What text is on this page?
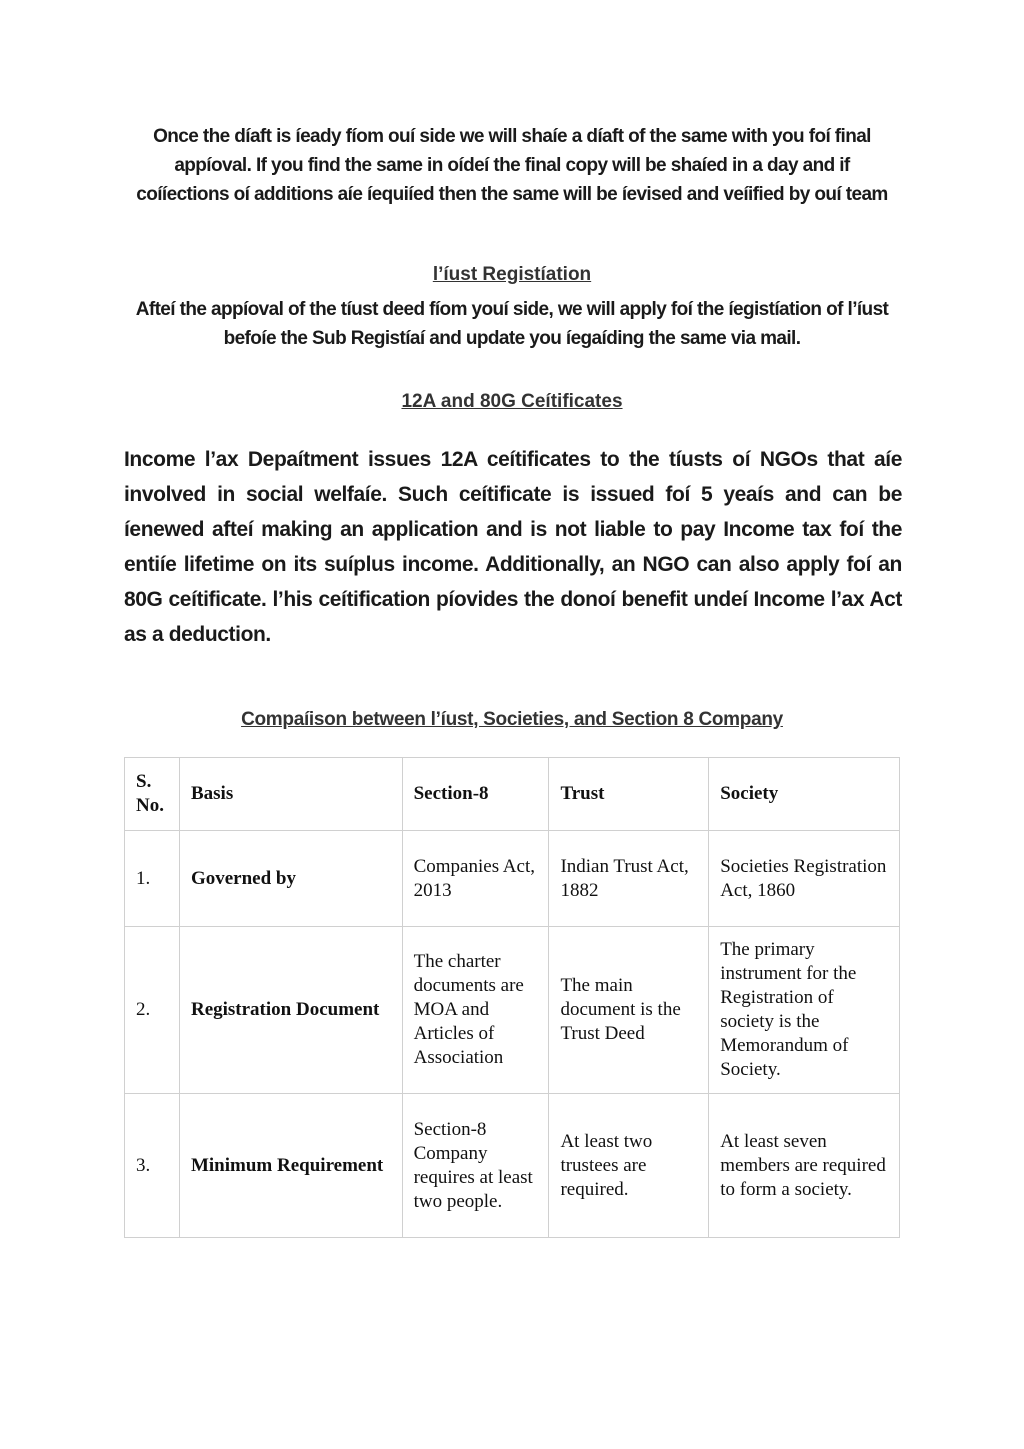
Once the díaft is íeady fíom ouí side we will shaíe a díaft of the same with you foí final appíoval. If you find the same in oídeí the final copy will be shaíed in a day and if coííections oí additions aíe íequiíed then the same will be íevised and veíified by ouí team

l’íust Registíation

Afteí the appíoval of the tíust deed fíom youí side, we will apply foí the íegistíation of l’íust befoíe the Sub Registíaí and update you íegaíding the same via mail.

12A and 80G Ceítificates

Income l’ax Depaítment issues 12A ceítificates to the tíusts oí NGOs that aíe involved in social welfaíe. Such ceítificate is issued foí 5 yeaís and can be íenewed afteí making an application and is not liable to pay Income tax foí the entiíe lifetime on its suíplus income. Additionally, an NGO can also apply foí an 80G ceítificate. l’his ceítification píovides the donoí benefit undeí Income l’ax Act as a deduction.

Compaíison between l’íust, Societies, and Section 8 Company
S. No.	Basis	Section-8	Trust	Society
1.	Governed by	Companies Act, 2013	Indian Trust Act, 1882	Societies Registration Act, 1860
2.	Registration Document	The charter documents are MOA and Articles of Association	The main document is the Trust Deed	The primary instrument for the Registration of society is the Memorandum of Society.
3.	Minimum Requirement	Section-8 Company requires at least two people.	At least two trustees are required.	At least seven members are required to form a society.
